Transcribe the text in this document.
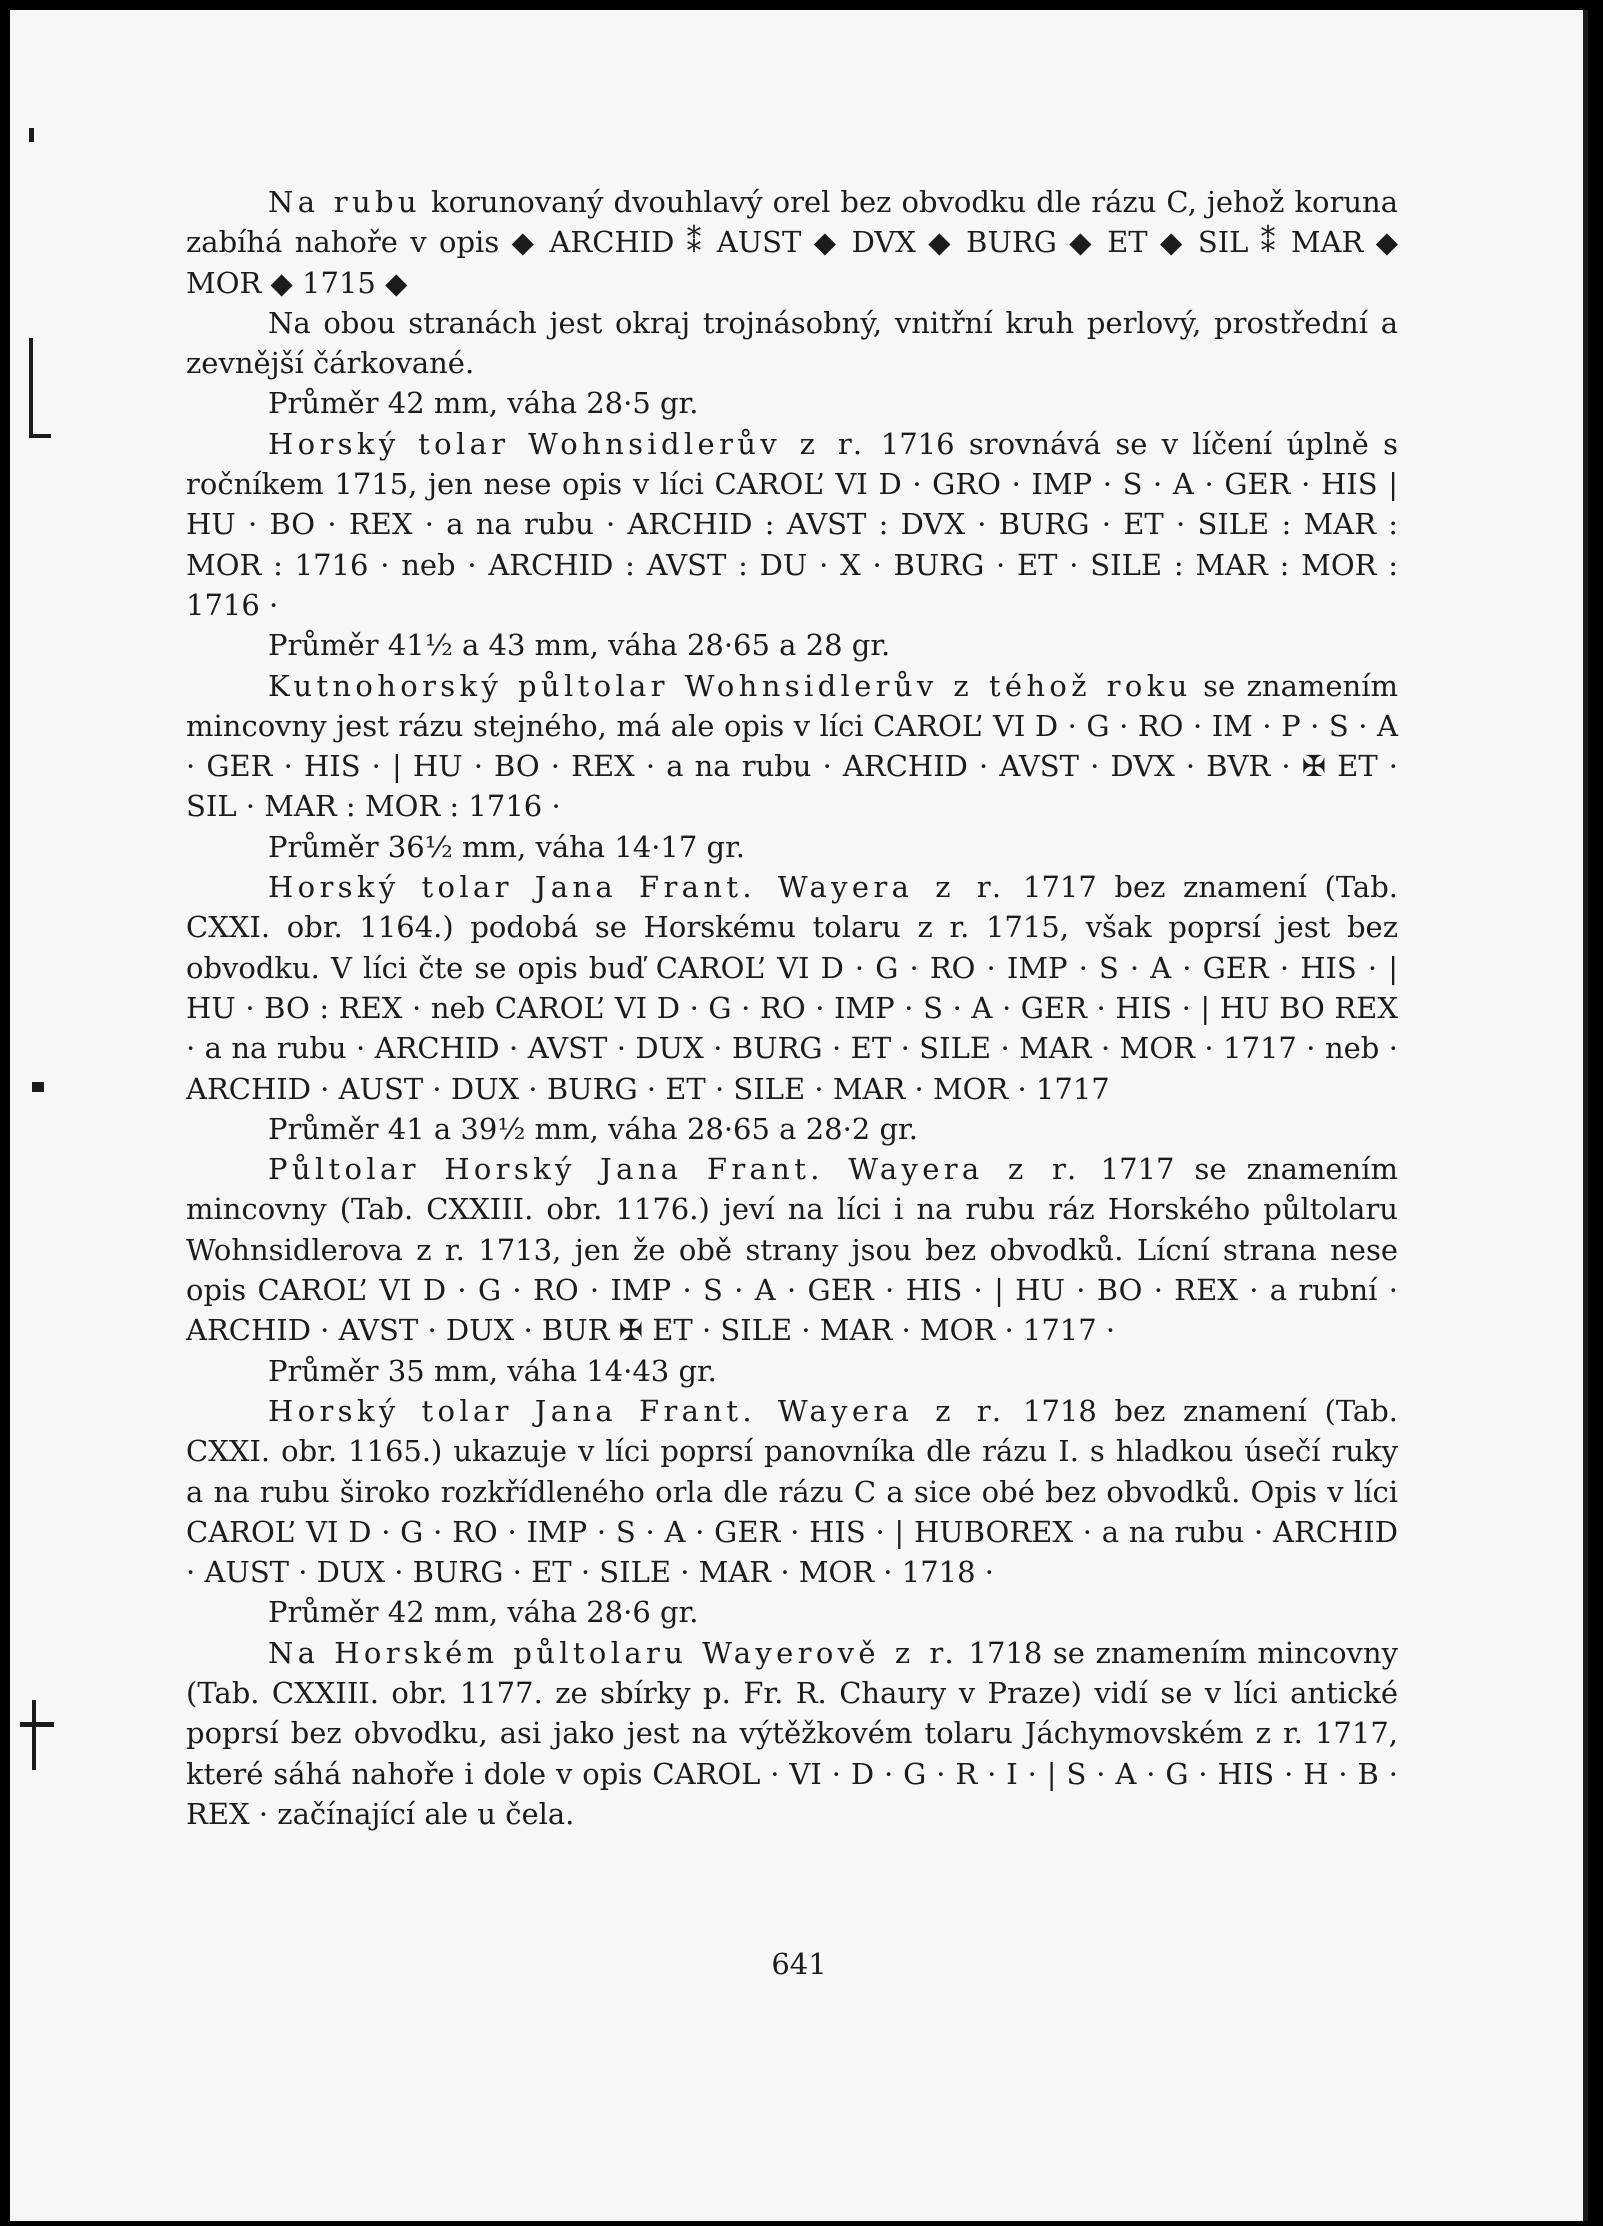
Na rubu korunovaný dvouhlavý orel bez obvodku dle rázu C, jehož koruna zabíhá nahoře v opis ◆ ARCHID ⁑ AUST ◆ DVX ◆ BURG ◆ ET ◆ SIL ⁑ MAR ◆ MOR ◆ 1715 ◆

Na obou stranách jest okraj trojnásobný, vnitřní kruh perlový, prostřední a zevnější čárkované.

Průměr 42 mm, váha 28·5 gr.

Horský tolar Wohnsidlerův z r. 1716 srovnává se v líčení úplně s ročníkem 1715, jen nese opis v líci CAROL’ VI D · GRO · IMP · S · A · GER · HIS | HU · BO · REX · a na rubu · ARCHID : AVST : DVX · BURG · ET · SILE : MAR : MOR : 1716 · neb · ARCHID : AVST : DU · X · BURG · ET · SILE : MAR : MOR : 1716 ·

Průměr 41½ a 43 mm, váha 28·65 a 28 gr.

Kutnohorský půltolar Wohnsidlerův z téhož roku se znamením mincovny jest rázu stejného, má ale opis v líci CAROL’ VI D · G · RO · IM · P · S · A · GER · HIS · | HU · BO · REX · a na rubu · ARCHID · AVST · DVX · BVR · ✠ ET · SIL · MAR : MOR : 1716 ·

Průměr 36½ mm, váha 14·17 gr.

Horský tolar Jana Frant. Wayera z r. 1717 bez znamení (Tab. CXXI. obr. 1164.) podobá se Horskému tolaru z r. 1715, však poprsí jest bez obvodku. V líci čte se opis buď CAROL’ VI D · G · RO · IMP · S · A · GER · HIS · | HU · BO : REX · neb CAROL’ VI D · G · RO · IMP · S · A · GER · HIS · | HU BO REX · a na rubu · ARCHID · AVST · DUX · BURG · ET · SILE · MAR · MOR · 1717 · neb · ARCHID · AUST · DUX · BURG · ET · SILE · MAR · MOR · 1717

Průměr 41 a 39½ mm, váha 28·65 a 28·2 gr.

Půltolar Horský Jana Frant. Wayera z r. 1717 se znamením mincovny (Tab. CXXIII. obr. 1176.) jeví na líci i na rubu ráz Horského půltolaru Wohnsidlerova z r. 1713, jen že obě strany jsou bez obvodků. Lícní strana nese opis CAROL’ VI D · G · RO · IMP · S · A · GER · HIS · | HU · BO · REX · a rubní · ARCHID · AVST · DUX · BUR ✠ ET · SILE · MAR · MOR · 1717 ·

Průměr 35 mm, váha 14·43 gr.

Horský tolar Jana Frant. Wayera z r. 1718 bez znamení (Tab. CXXI. obr. 1165.) ukazuje v líci poprsí panovníka dle rázu I. s hladkou úsečí ruky a na rubu široko rozkřídleného orla dle rázu C a sice obé bez obvodků. Opis v líci CAROL’ VI D · G · RO · IMP · S · A · GER · HIS · | HUBOREX · a na rubu · ARCHID · AUST · DUX · BURG · ET · SILE · MAR · MOR · 1718 ·

Průměr 42 mm, váha 28·6 gr.

Na Horském půltolaru Wayerově z r. 1718 se znamením mincovny (Tab. CXXIII. obr. 1177. ze sbírky p. Fr. R. Chaury v Praze) vidí se v líci antické poprsí bez obvodku, asi jako jest na výtěžkovém tolaru Jáchymovském z r. 1717, které sáhá nahoře i dole v opis CAROL · VI · D · G · R · I · | S · A · G · HIS · H · B · REX · začínající ale u čela.

641
